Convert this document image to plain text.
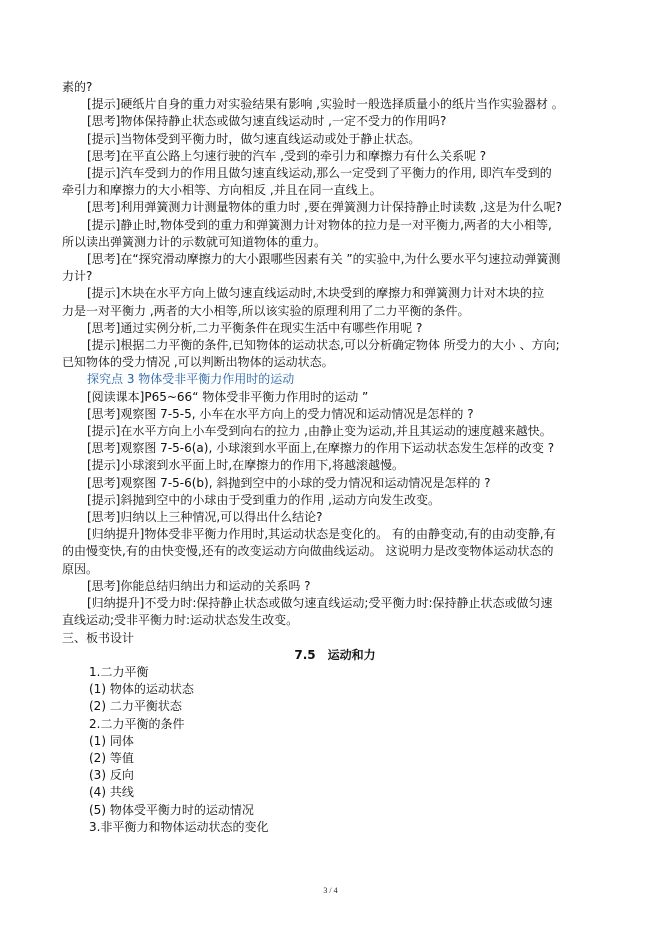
素的?

[提示]硬纸片自身的重力对实验结果有影响 ,实验时一般选择质量小的纸片当作实验器材 。

[思考]物体保持静止状态或做匀速直线运动时 ,一定不受力的作用吗?

[提示]当物体受到平衡力时，做匀速直线运动或处于静止状态。

[思考]在平直公路上匀速行驶的汽车 ,受到的牵引力和摩擦力有什么关系呢 ?

[提示]汽车受到力的作用且做匀速直线运动,那么一定受到了平衡力的作用, 即汽车受到的

牵引力和摩擦力的大小相等、方向相反 ,并且在同一直线上。

[思考]利用弹簧测力计测量物体的重力时 ,要在弹簧测力计保持静止时读数 ,这是为什么呢?

[提示]静止时,物体受到的重力和弹簧测力计对物体的拉力是一对平衡力,两者的大小相等,

所以读出弹簧测力计的示数就可知道物体的重力。

[思考]在“探究滑动摩擦力的大小跟哪些因素有关 ”的实验中,为什么要水平匀速拉动弹簧测

力计?

[提示]木块在水平方向上做匀速直线运动时,木块受到的摩擦力和弹簧测力计对木块的拉

力是一对平衡力 ,两者的大小相等,所以该实验的原理利用了二力平衡的条件。

[思考]通过实例分析,二力平衡条件在现实生活中有哪些作用呢 ?

[提示]根据二力平衡的条件,已知物体的运动状态,可以分析确定物体 所受力的大小 、方向;

已知物体的受力情况 ,可以判断出物体的运动状态。

探究点 3 物体受非平衡力作用时的运动

[阅读课本]P65~66“ 物体受非平衡力作用时的运动 ”

[思考]观察图 7-5-5, 小车在水平方向上的受力情况和运动情况是怎样的 ?

[提示]在水平方向上小车受到向右的拉力 ,由静止变为运动,并且其运动的速度越来越快。

[思考]观察图 7-5-6(a), 小球滚到水平面上,在摩擦力的作用下运动状态发生怎样的改变 ?

[提示]小球滚到水平面上时,在摩擦力的作用下,将越滚越慢。

[思考]观察图 7-5-6(b), 斜抛到空中的小球的受力情况和运动情况是怎样的 ?

[提示]斜抛到空中的小球由于受到重力的作用 ,运动方向发生改变。

[思考]归纳以上三种情况,可以得出什么结论?

[归纳提升]物体受非平衡力作用时,其运动状态是变化的。 有的由静变动,有的由动变静,有

的由慢变快,有的由快变慢,还有的改变运动方向做曲线运动。 这说明力是改变物体运动状态的

原因。

[思考]你能总结归纳出力和运动的关系吗 ?

[归纳提升]不受力时:保持静止状态或做匀速直线运动;受平衡力时:保持静止状态或做匀速

直线运动;受非平衡力时:运动状态发生改变。

三、板书设计

7.5 运动和力

1.二力平衡

(1) 物体的运动状态

(2) 二力平衡状态

2.二力平衡的条件

(1) 同体

(2) 等值

(3) 反向

(4) 共线

(5) 物体受平衡力时的运动情况

3.非平衡力和物体运动状态的变化

3 / 4
